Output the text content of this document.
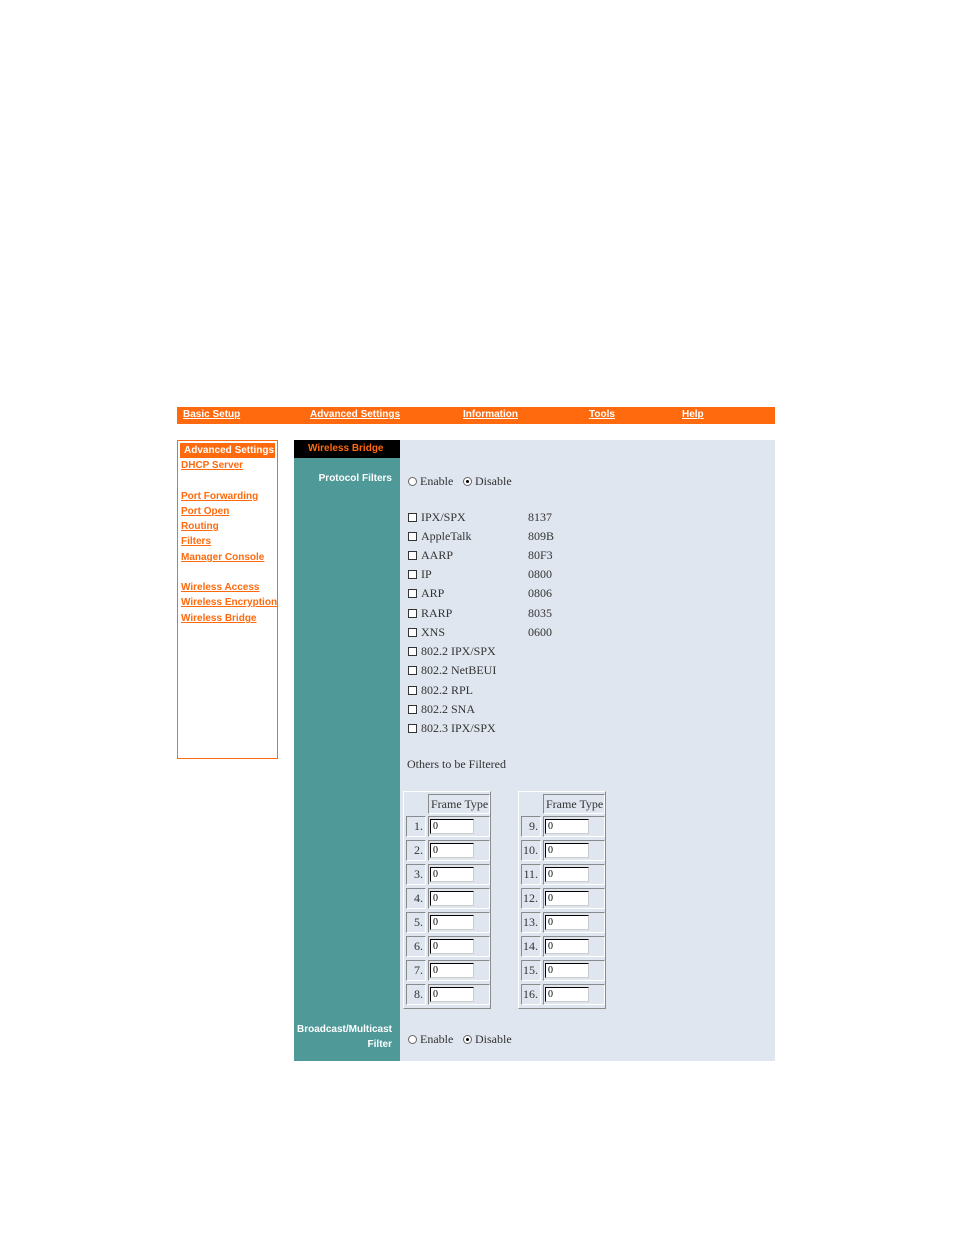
Basic Setup	Advanced Settings	Information	Tools	Help
Advanced Settings
DHCP Server
Port Forwarding
Port Open
Routing
Filters
Manager Console
Wireless Access
Wireless Encryption
Wireless Bridge
Wireless Bridge
Protocol Filters Enable Disable
IPX/SPX	8137
AppleTalk	809B
AARP	80F3
IP	0800
ARP	0806
RARP	8035
XNS	0600
802.2 IPX/SPX
802.2 NetBEUI
802.2 RPL
802.2 SNA
802.3 IPX/SPX
Others to be Filtered
Frame Type
1.	0
2.	0
3.	0
4.	0
5.	0
6.	0
7.	0
8.	0
Frame Type
9.	0
10.	0
11.	0
12.	0
13.	0
14.	0
15.	0
16.	0
Broadcast/Multicast
Filter Enable Disable
